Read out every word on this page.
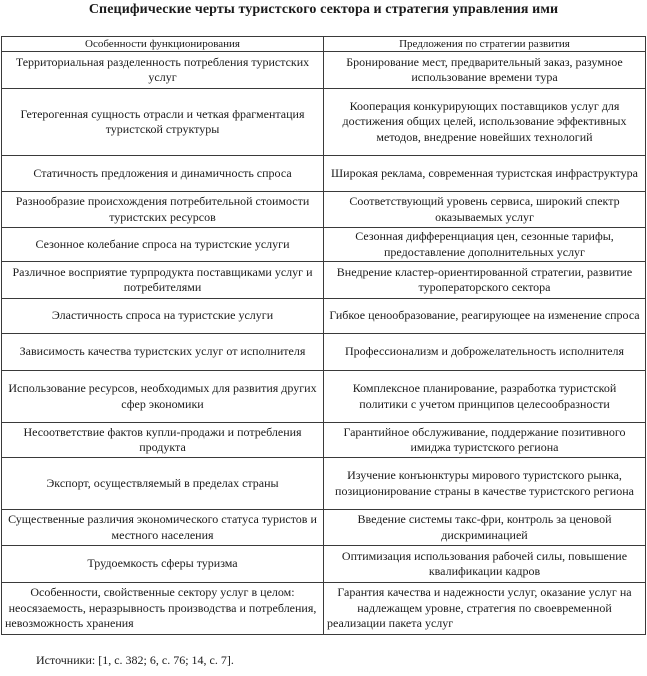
Специфические черты туристского сектора и стратегия управления ими
Особенности функционирования	Предложения по стратегии развития
Территориальная разделенность потребления туристских услуг	Бронирование мест, предварительный заказ, разумное использование времени тура
Гетерогенная сущность отрасли и четкая фрагментация туристской структуры	Кооперация конкурирующих поставщиков услуг для достижения общих целей, использование эффективных методов, внедрение новейших технологий
Статичность предложения и динамичность спроса	Широкая реклама, современная туристская инфраструктура
Разнообразие происхождения потребительной стоимости туристских ресурсов	Соответствующий уровень сервиса, широкий спектр оказываемых услуг
Сезонное колебание спроса на туристские услуги	Сезонная дифференциация цен, сезонные тарифы, предоставление дополнительных услуг
Различное восприятие турпродукта поставщиками услуг и потребителями	Внедрение кластер-ориентированной стратегии, развитие туроператорского сектора
Эластичность спроса на туристские услуги	Гибкое ценообразование, реагирующее на изменение спроса
Зависимость качества туристских услуг от исполнителя	Профессионализм и доброжелательность исполнителя
Использование ресурсов, необходимых для развития других сфер экономики	Комплексное планирование, разработка туристской политики с учетом принципов целесообразности
Несоответствие фактов купли-продажи и потребления продукта	Гарантийное обслуживание, поддержание позитивного имиджа туристского региона
Экспорт, осуществляемый в пределах страны	Изучение конъюнктуры мирового туристского рынка, позиционирование страны в качестве туристского региона
Существенные различия экономического статуса туристов и местного населения	Введение системы такс-фри, контроль за ценовой дискриминацией
Трудоемкость сферы туризма	Оптимизация использования рабочей силы, повышение квалификации кадров
Особенности, свойственные сектору услуг в целом: неосязаемость, неразрывность производства и потребления, невозможность хранения	Гарантия качества и надежности услуг, оказание услуг на надлежащем уровне, стратегия по своевременной реализации пакета услуг
Источники: [1, с. 382; 6, с. 76; 14, с. 7].
